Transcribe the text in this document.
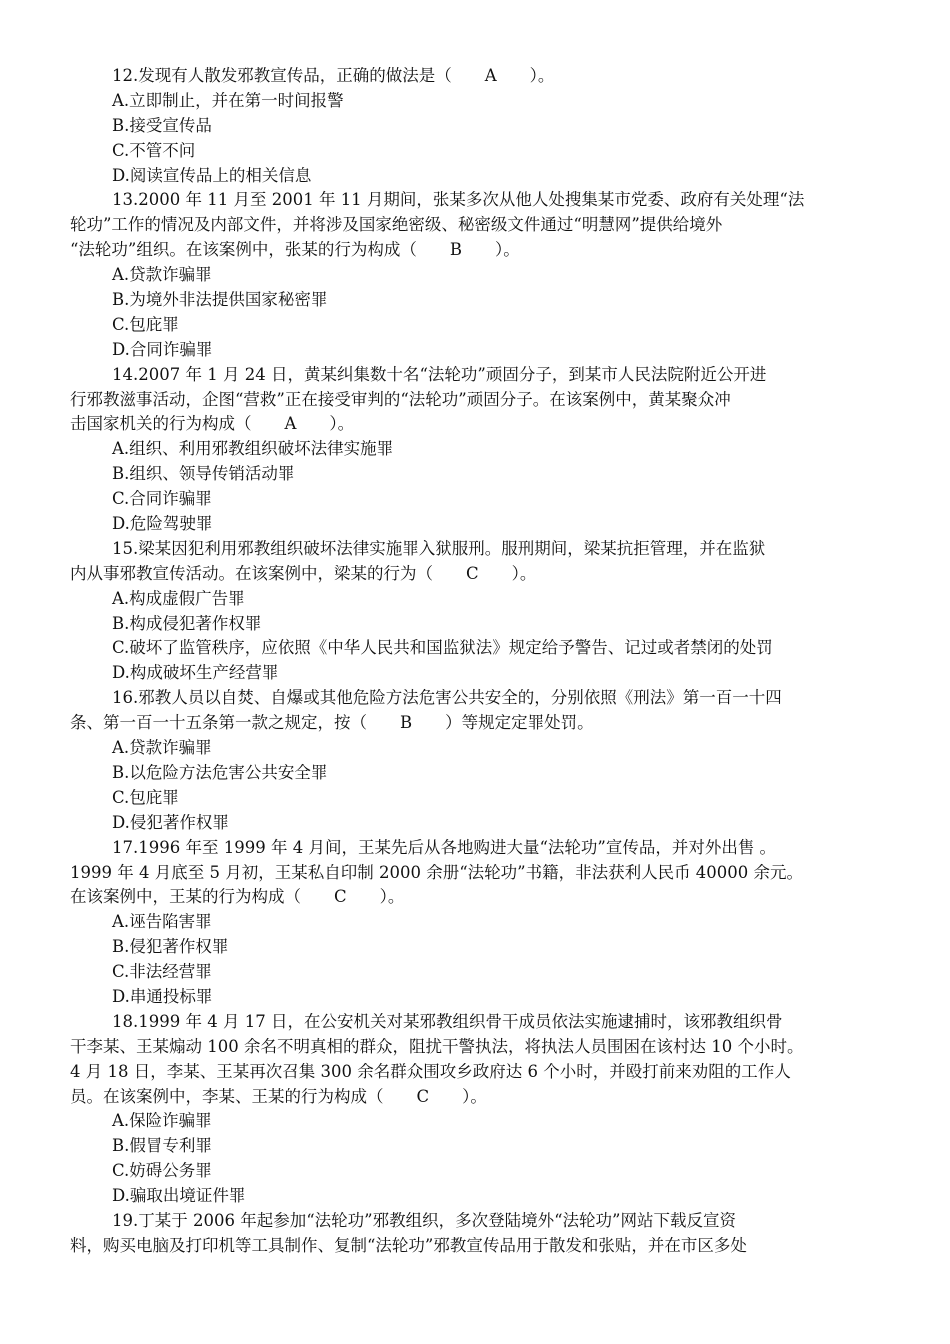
12.发现有人散发邪教宣传品，正确的做法是（　　A　　）。
A.立即制止，并在第一时间报警
B.接受宣传品
C.不管不问
D.阅读宣传品上的相关信息
13.2000 年 11 月至 2001 年 11 月期间，张某多次从他人处搜集某市党委、政府有关处理“法
轮功”工作的情况及内部文件，并将涉及国家绝密级、秘密级文件通过“明慧网”提供给境外
“法轮功”组织。在该案例中，张某的行为构成（　　B　　）。
A.贷款诈骗罪
B.为境外非法提供国家秘密罪
C.包庇罪
D.合同诈骗罪
14.2007 年 1 月 24 日，黄某纠集数十名“法轮功”顽固分子，到某市人民法院附近公开进
行邪教滋事活动，企图“营救”正在接受审判的“法轮功”顽固分子。在该案例中，黄某聚众冲
击国家机关的行为构成（　　A　　）。
A.组织、利用邪教组织破坏法律实施罪
B.组织、领导传销活动罪
C.合同诈骗罪
D.危险驾驶罪
15.梁某因犯利用邪教组织破坏法律实施罪入狱服刑。服刑期间，梁某抗拒管理，并在监狱
内从事邪教宣传活动。在该案例中，梁某的行为（　　C　　）。
A.构成虚假广告罪
B.构成侵犯著作权罪
C.破坏了监管秩序，应依照《中华人民共和国监狱法》规定给予警告、记过或者禁闭的处罚
D.构成破坏生产经营罪
16.邪教人员以自焚、自爆或其他危险方法危害公共安全的，分别依照《刑法》第一百一十四
条、第一百一十五条第一款之规定，按（　　B　　）等规定定罪处罚。
A.贷款诈骗罪
B.以危险方法危害公共安全罪
C.包庇罪
D.侵犯著作权罪
17.1996 年至 1999 年 4 月间，王某先后从各地购进大量“法轮功”宣传品，并对外出售 。
1999 年 4 月底至 5 月初，王某私自印制 2000 余册“法轮功”书籍，非法获利人民币 40000 余元。
在该案例中，王某的行为构成（　　C　　）。
A.诬告陷害罪
B.侵犯著作权罪
C.非法经营罪
D.串通投标罪
18.1999 年 4 月 17 日，在公安机关对某邪教组织骨干成员依法实施逮捕时，该邪教组织骨
干李某、王某煽动 100 余名不明真相的群众，阻扰干警执法，将执法人员围困在该村达 10 个小时。
4 月 18 日，李某、王某再次召集 300 余名群众围攻乡政府达 6 个小时，并殴打前来劝阻的工作人
员。在该案例中，李某、王某的行为构成（　　C　　）。
A.保险诈骗罪
B.假冒专利罪
C.妨碍公务罪
D.骗取出境证件罪
19.丁某于 2006 年起参加“法轮功”邪教组织，多次登陆境外“法轮功”网站下载反宣资
料，购买电脑及打印机等工具制作、复制“法轮功”邪教宣传品用于散发和张贴，并在市区多处
